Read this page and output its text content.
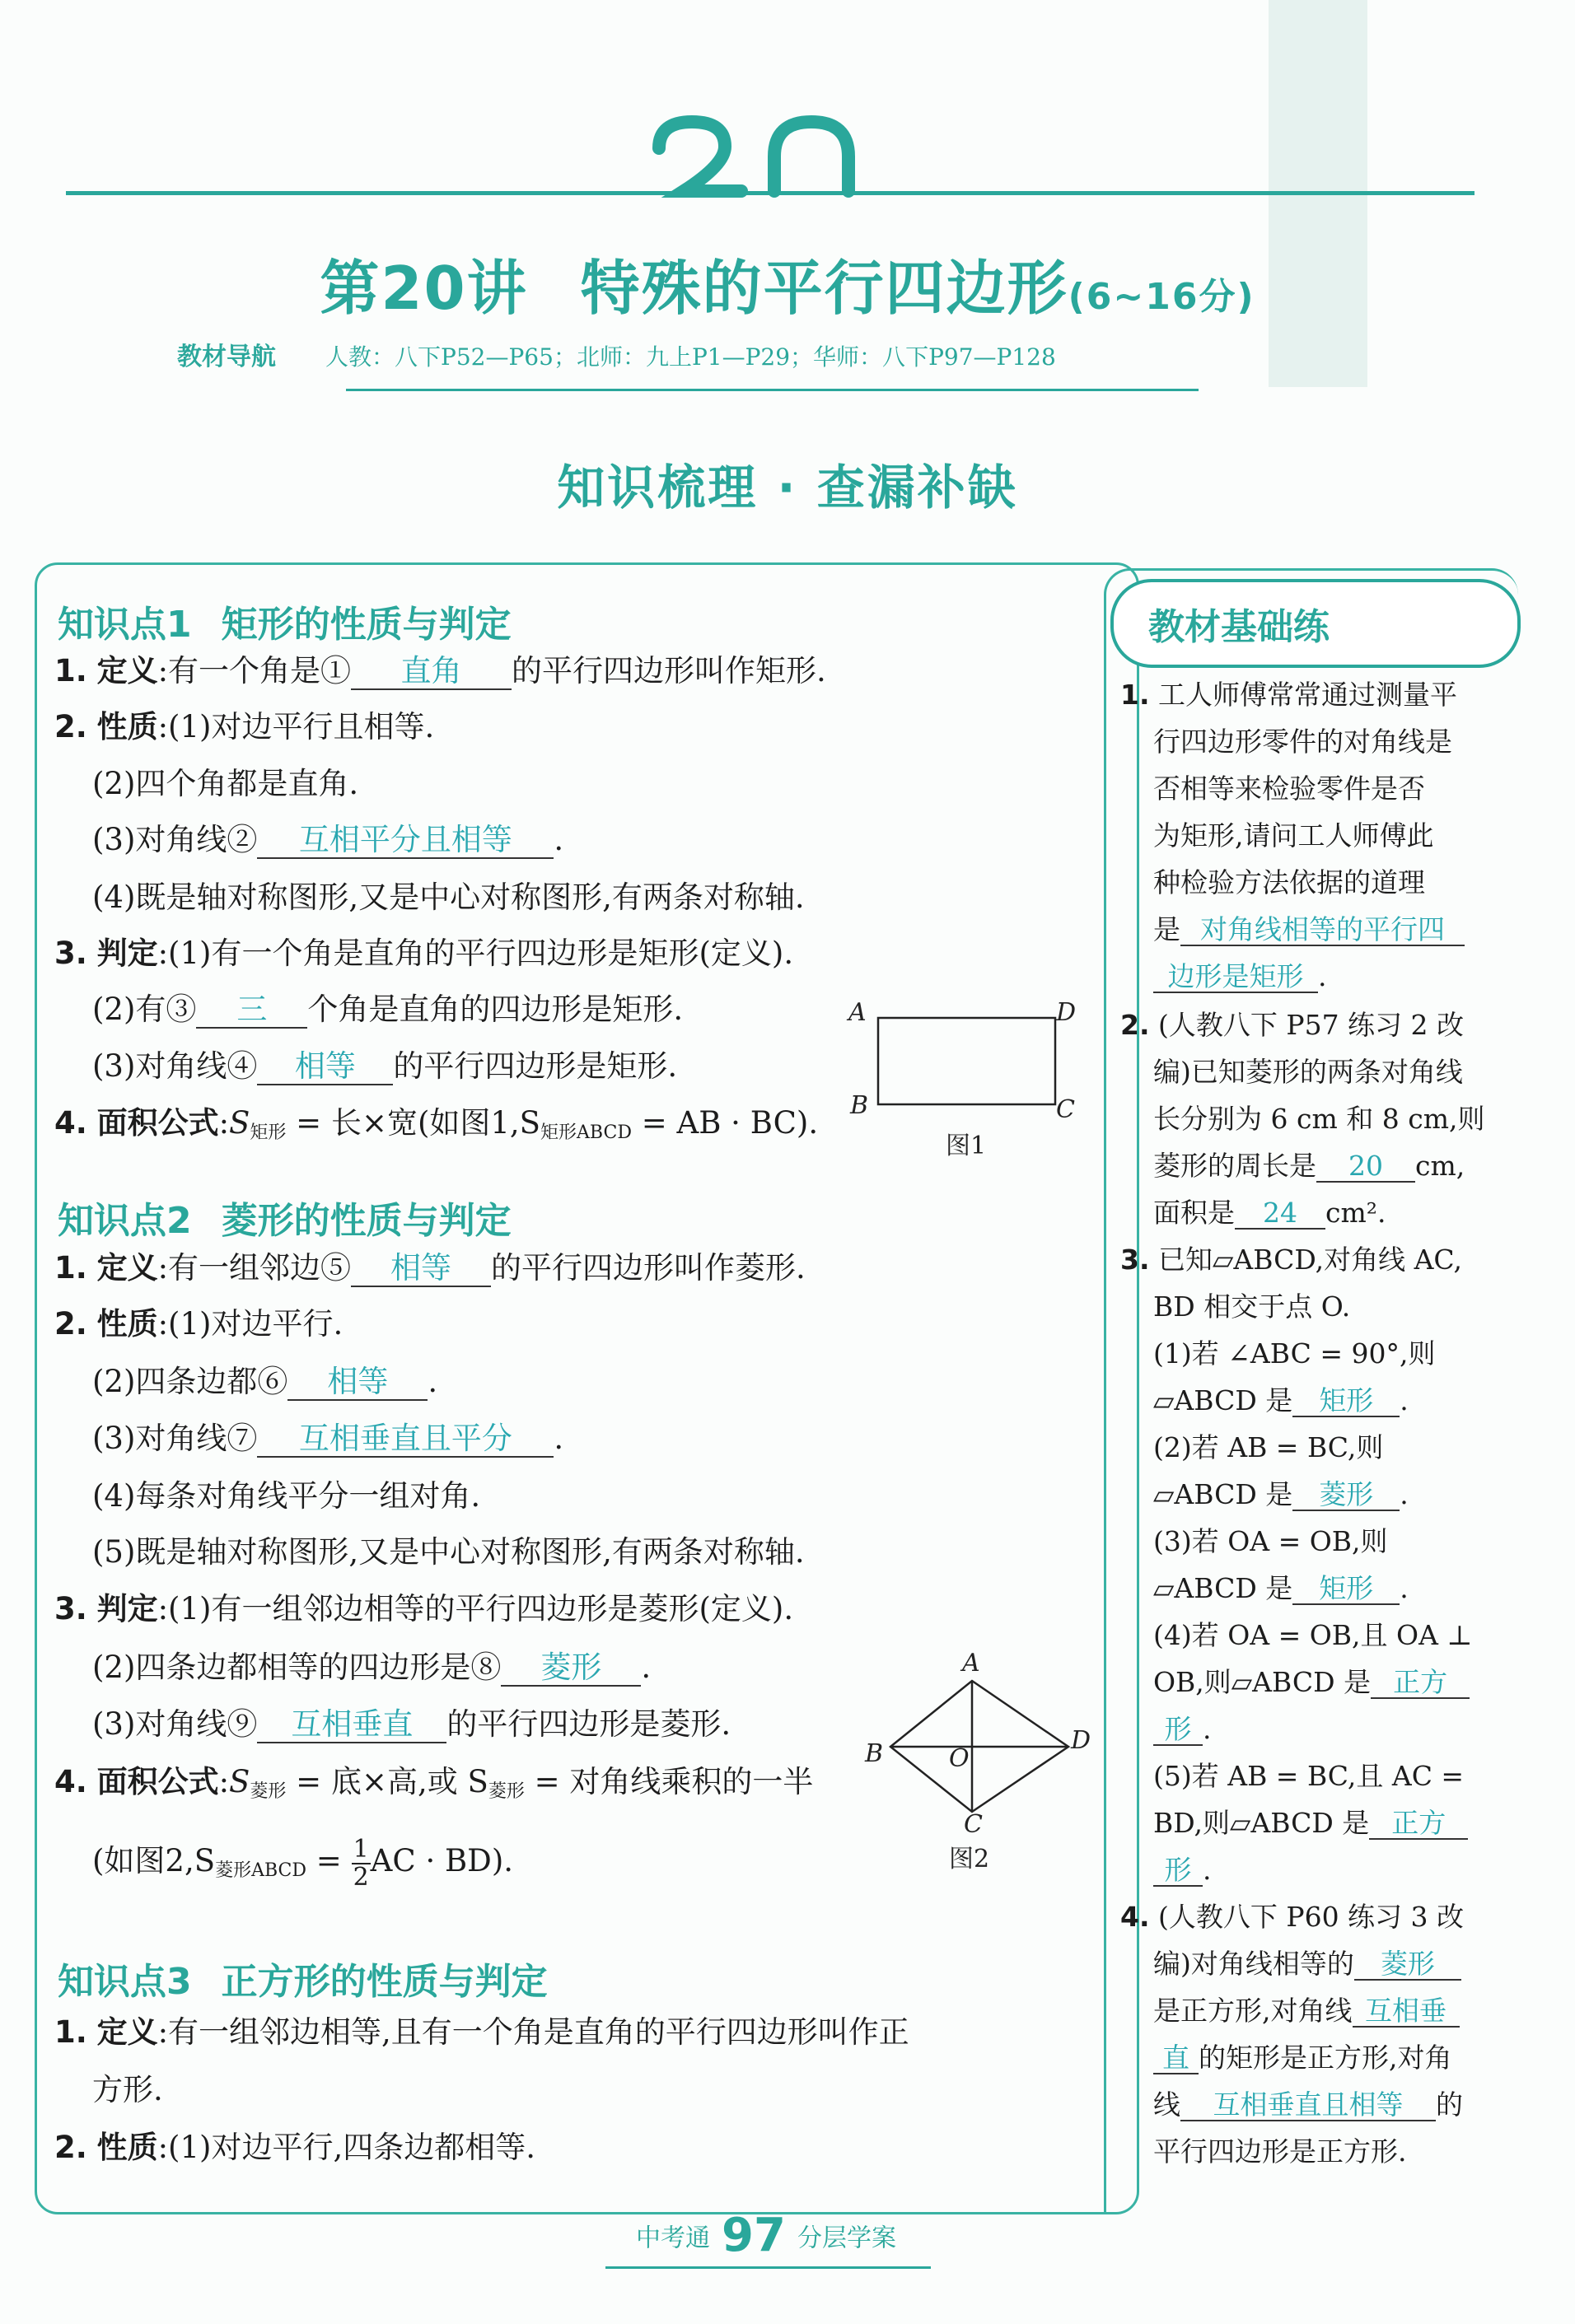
20
第20讲 特殊的平行四边形(6~16分)
教材导航 人教：八下P52—P65；北师：九上P1—P29；华师：八下P97—P128
知识梳理 · 查漏补缺
教材基础练
知识点1 矩形的性质与判定
1. 定义:有一个角是① 直角 的平行四边形叫作矩形.
2. 性质:(1)对边平行且相等.
(2)四个角都是直角.
(3)对角线② 互相平分且相等 .
(4)既是轴对称图形,又是中心对称图形,有两条对称轴.
3. 判定:(1)有一个角是直角的平行四边形是矩形(定义).
(2)有③ 三 个角是直角的四边形是矩形.
(3)对角线④ 相等 的平行四边形是矩形.
4. 面积公式:S矩形 = 长×宽(如图1,S矩形ABCD = AB · BC).
A	D
B	C
图1
知识点2 菱形的性质与判定
1. 定义:有一组邻边⑤ 相等 的平行四边形叫作菱形.
2. 性质:(1)对边平行.
(2)四条边都⑥ 相等 .
(3)对角线⑦ 互相垂直且平分 .
(4)每条对角线平分一组对角.
(5)既是轴对称图形,又是中心对称图形,有两条对称轴.
3. 判定:(1)有一组邻边相等的平行四边形是菱形(定义).
(2)四条边都相等的四边形是⑧ 菱形 .
(3)对角线⑨ 互相垂直 的平行四边形是菱形.
4. 面积公式:S菱形 = 底×高,或 S菱形 = 对角线乘积的一半
(如图2,S菱形ABCD = $\frac{1}{2}AC \cdot BD$).
A
B	D
O
C
图2
知识点3 正方形的性质与判定
1. 定义:有一组邻边相等,且有一个角是直角的平行四边形叫作正
方形.
2. 性质:(1)对边平行,四条边都相等.
1. 工人师傅常常通过测量平
行四边形零件的对角线是
否相等来检验零件是否
为矩形,请问工人师傅此
种检验方法依据的道理
是 对角线相等的平行四
边形是矩形 .
2. (人教八下 P57 练习 2 改
编)已知菱形的两条对角线
长分别为 6 cm 和 8 cm,则
菱形的周长是 20 cm,
面积是 24 cm².
3. 已知▱ABCD,对角线 AC,
BD 相交于点 O.
(1)若 ∠ABC = 90°,则
▱ABCD 是 矩形 .
(2)若 AB = BC,则
▱ABCD 是 菱形 .
(3)若 OA = OB,则
▱ABCD 是 矩形 .
(4)若 OA = OB,且 OA ⊥
OB,则▱ABCD 是 正方
形 .
(5)若 AB = BC,且 AC =
BD,则▱ABCD 是 正方
形 .
4. (人教八下 P60 练习 3 改
编)对角线相等的 菱形
是正方形,对角线 互相垂
直 的矩形是正方形,对角
线 互相垂直且相等 的
平行四边形是正方形.
中考通 97 分层学案
